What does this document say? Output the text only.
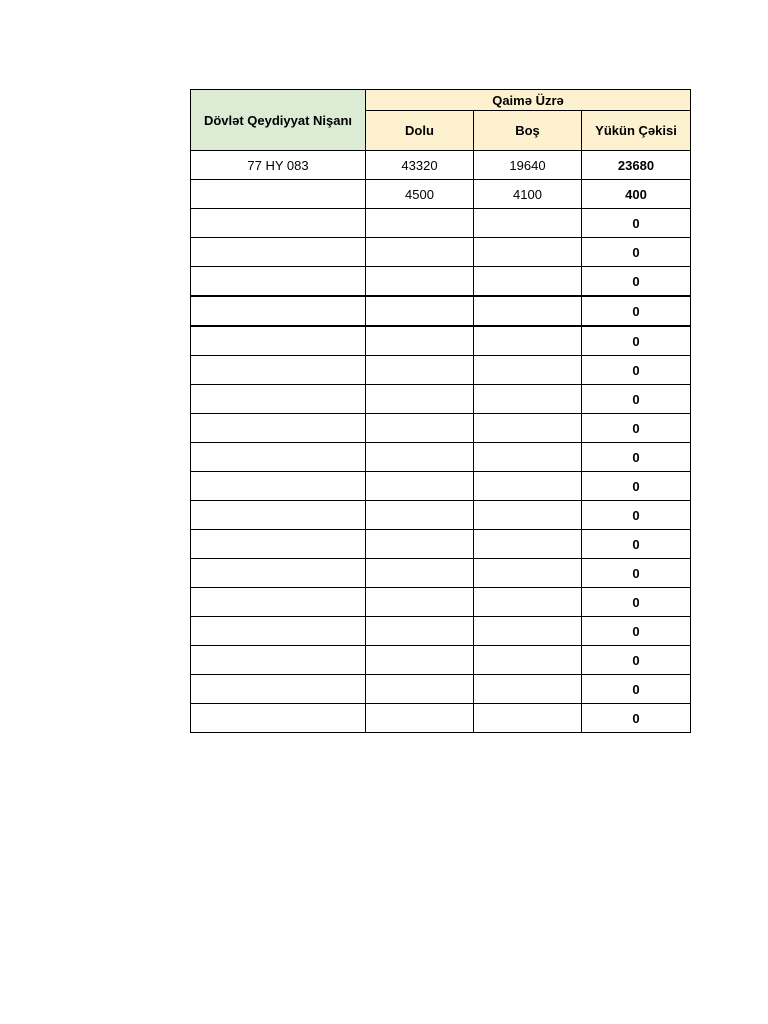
Dövlət Qeydiyyat Nişanı	Qaimə Üzrə		
	Dolu	Boş	Yükün Çəkisi
77 HY 083	43320	19640	23680
	4500	4100	400
			0
			0
			0
			0
			0
			0
			0
			0
			0
			0
			0
			0
			0
			0
			0
			0
			0
			0
